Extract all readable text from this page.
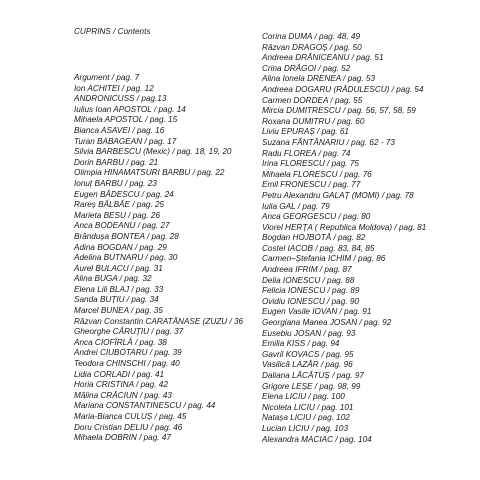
CUPRINS / Contents
Argument / pag. 7
Ion ACHITEI / pag. 12
ANDRONICUSS / pag.13
Iulius Ioan APOSTOL / pag. 14
Mihaela APOSTOL / pag. 15
Bianca ASAVEI / pag. 16
Turan BABAGEAN / pag. 17
Silvia BARBESCU (Mexic) / pag. 18, 19, 20
Dorin BARBU / pag. 21
Olimpia HINAMATSURI BARBU / pag. 22
Ionuț BARBU / pag. 23
Eugen BĂDESCU / pag. 24
Rareș BĂLBĂE / pag. 25
Marieta BESU / pag. 26
Anca BODEANU / pag. 27
Brândușa BONTEA / pag. 28
Adina BOGDAN / pag. 29
Adelina BUTNARU / pag. 30
Aurel BULACU / pag. 31
Alina BUGA / pag. 32
Elena Lili BLAJ / pag. 33
Sanda BUȚIU / pag. 34
Marcel BUNEA / pag. 35
Răzvan Constantin CARATĂNASE (ZUZU / 36
Gheorghe CĂRUȚIU / pag. 37
Anca CIOFÎRLĂ / pag. 38
Andrei CIUBOTARU / pag. 39
Teodora CHINSCHI / pag. 40
Lidia CORLADI / pag. 41
Horia CRISTINA / pag. 42
Mălina CRĂCIUN / pag. 43
Mariana CONSTANTINESCU / pag. 44
Maria-Bianca CULUȘ / pag. 45
Doru Cristian DELIU / pag. 46
Mihaela DOBRIN / pag. 47
Corina DUMA / pag. 48, 49
Răzvan DRAGOȘ / pag. 50
Andreea DRĂNICEANU / pag. 51
Crina DRĂGOI / pag. 52
Alina Ionela DRENEA / pag. 53
Andreea DOGARU (RĂDULESCU) / pag. 54
Carmen DORDEA / pag. 55
Mircia DUMITRESCU / pag. 56, 57, 58, 59
Roxana DUMITRU / pag. 60
Liviu EPURAȘ / pag. 61
Suzana FÂNTÂNARIU / pag. 62 - 73
Radu FLOREA / pag. 74
Irina FLORESCU / pag. 75
Mihaela FLORESCU / pag. 76
Emil FRONESCU / pag. 77
Petru Alexandru GALAȚ (MOMI) / pag. 78
Iulia GAL / pag. 79
Anca GEORGESCU / pag. 80
Viorel HERȚA ( Republica Moldova) / pag. 81
Bogdan HOJBOTĂ / pag. 82
Costel IACOB / pag. 83, 84, 85
Carmen–Ștefania ICHIM / pag. 86
Andreea IFRIM / pag. 87
Delia IONESCU / pag. 88
Felicia IONESCU / pag. 89
Ovidiu IONESCU / pag. 90
Eugen Vasile IOVAN / pag. 91
Georgiana Manea JOSAN / pag. 92
Eusebiu JOSAN / pag. 93
Emilia KISS / pag. 94
Gavril KOVACS / pag. 95
Vasilică LAZĂR / pag. 96
Daliana LĂCĂTUȘ / pag. 97
Grigore LEȘE / pag. 98, 99
Elena LICIU / pag. 100
Nicoleta LICIU / pag. 101
Natașa LICIU / pag. 102
Lucian LICIU / pag. 103
Alexandra MACIAC / pag. 104
